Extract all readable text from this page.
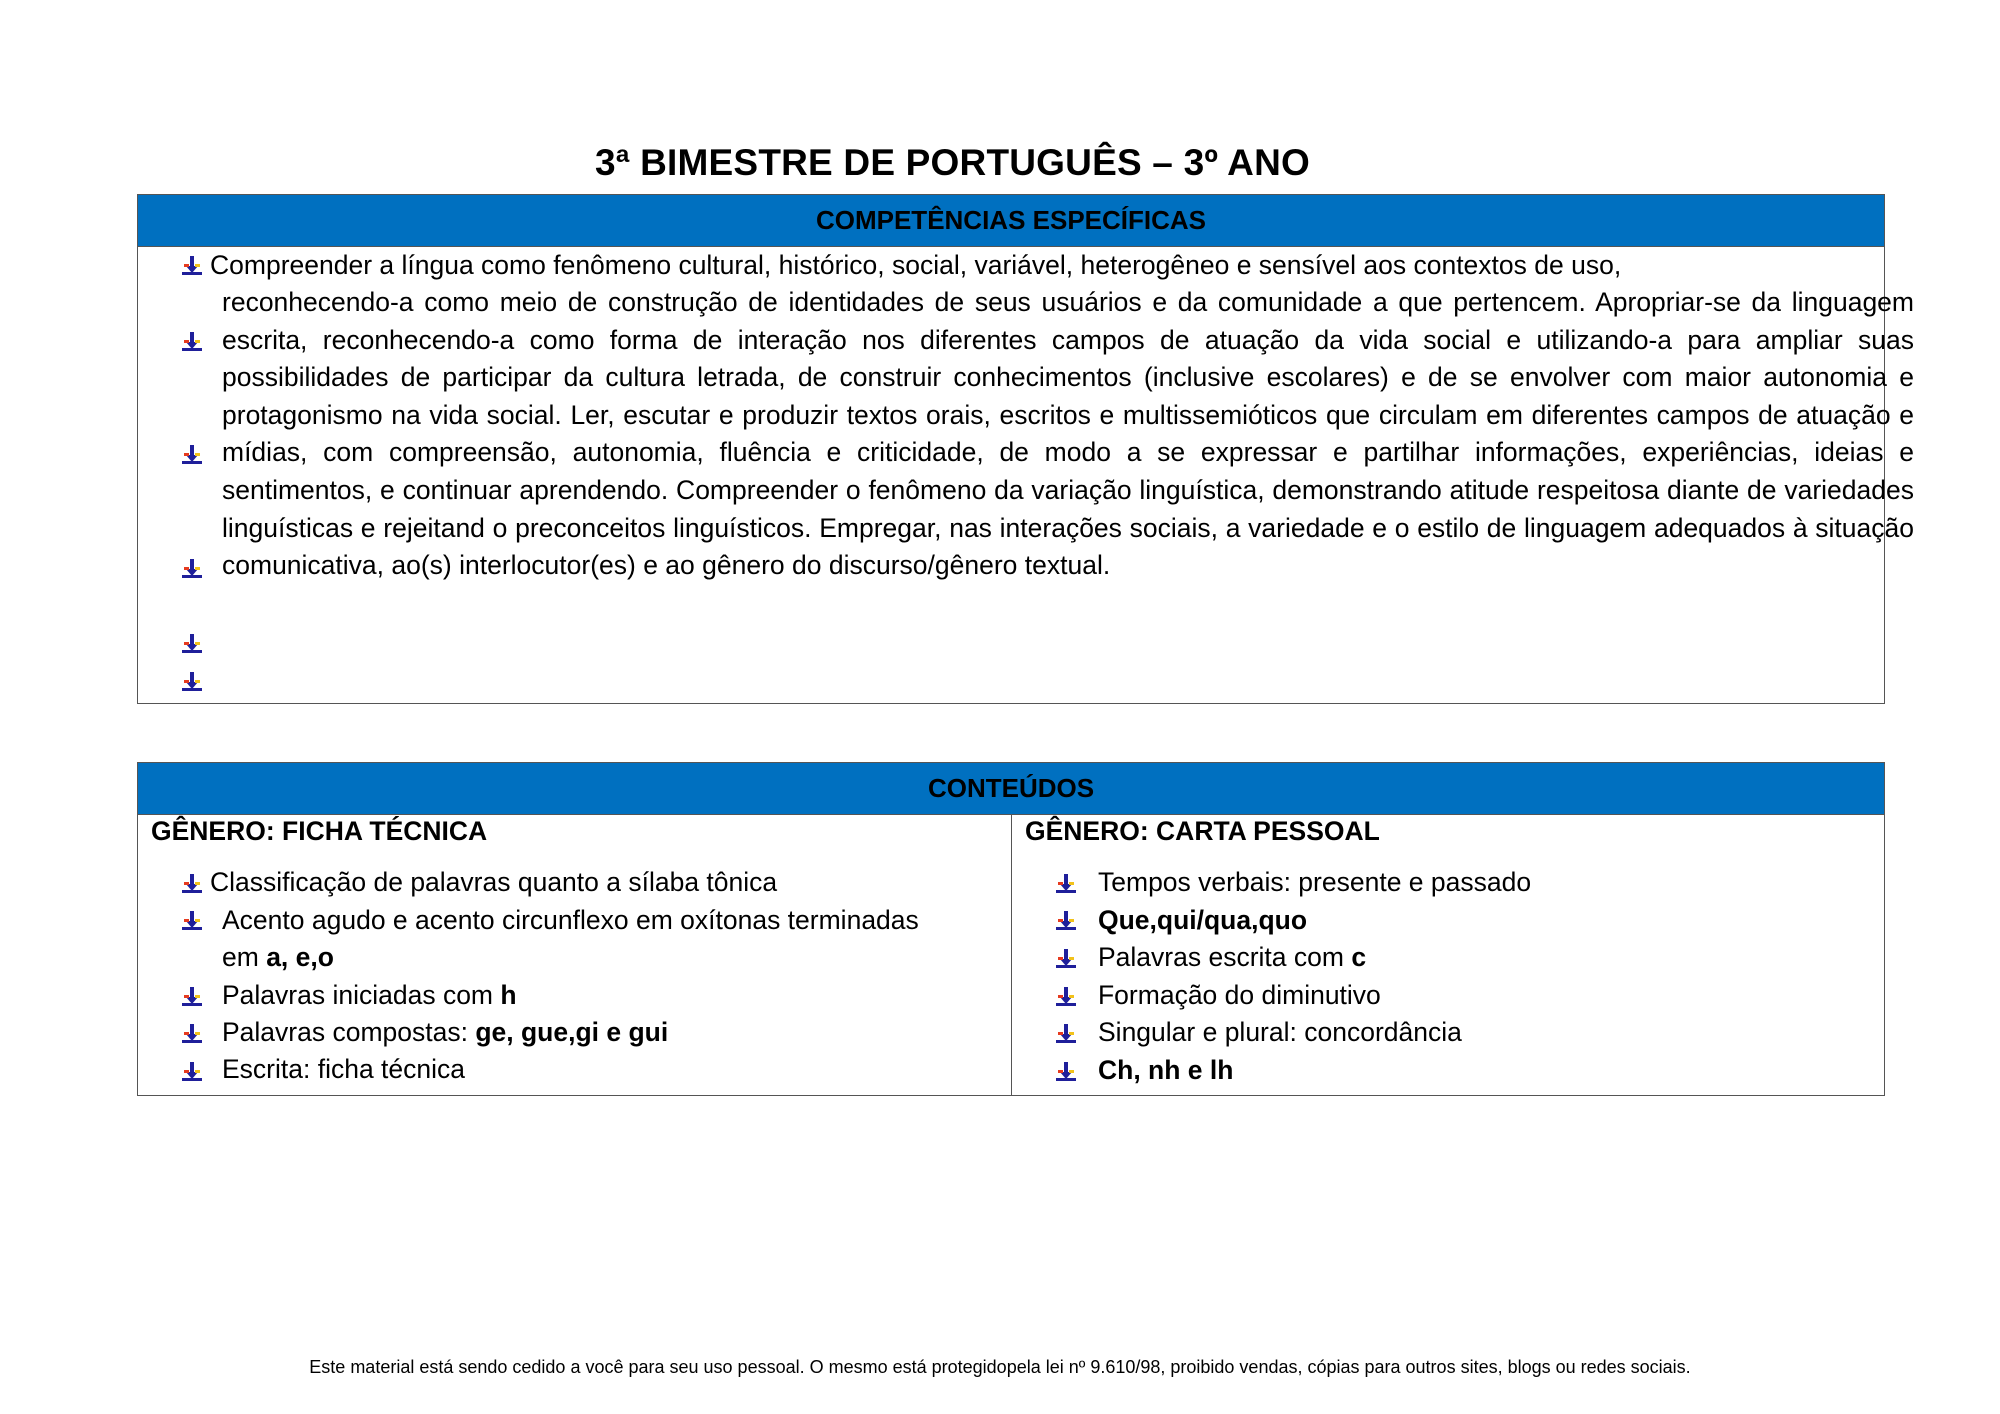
3ª BIMESTRE DE PORTUGUÊS – 3º ANO
COMPETÊNCIAS ESPECÍFICAS
Compreender a língua como fenômeno cultural, histórico, social, variável, heterogêneo e sensível aos contextos de uso,
reconhecendo-a como meio de construção de identidades de seus usuários e da comunidade a que pertencem. Apropriar-se da linguagem escrita, reconhecendo-a como forma de interação nos diferentes campos de atuação da vida social e utilizando-a para ampliar suas possibilidades de participar da cultura letrada, de construir conhecimentos (inclusive escolares) e de se envolver com maior autonomia e protagonismo na vida social. Ler, escutar e produzir textos orais, escritos e multissemióticos que circulam em diferentes campos de atuação e mídias, com compreensão, autonomia, fluência e criticidade, de modo a se expressar e partilhar informações, experiências, ideias e sentimentos, e continuar aprendendo. Compreender o fenômeno da variação linguística, demonstrando atitude respeitosa diante de variedades linguísticas e rejeitand o preconceitos linguísticos. Empregar, nas interações sociais, a variedade e o estilo de linguagem adequados à situação comunicativa, ao(s) interlocutor(es) e ao gênero do discurso/gênero textual.
CONTEÚDOS
GÊNERO: FICHA TÉCNICA
Classificação de palavras quanto a sílaba tônica
Acento agudo e acento circunflexo em oxítonas terminadas
em a, e,o
Palavras iniciadas com h
Palavras compostas: ge, gue,gi e gui
Escrita: ficha técnica
GÊNERO: CARTA PESSOAL
Tempos verbais: presente e passado
Que,qui/qua,quo
Palavras escrita com c
Formação do diminutivo
Singular e plural: concordância
Ch, nh e lh
Este material está sendo cedido a você para seu uso pessoal. O mesmo está protegidopela lei nº 9.610/98, proibido vendas, cópias para outros sites, blogs ou redes sociais.
